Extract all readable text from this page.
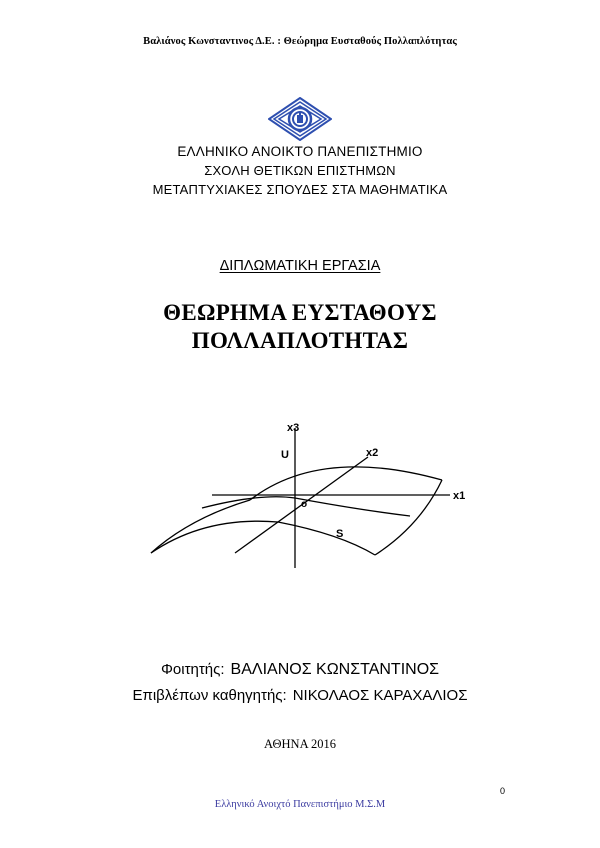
Βαλιάνος Κωνσταντινος Δ.Ε. : Θεώρημα Ευσταθούς Πολλαπλότητας
ΕΛΛΗΝΙΚΟ ΑΝΟΙΚΤΟ ΠΑΝΕΠΙΣΤΗΜΙΟ
ΣΧΟΛΗ ΘΕΤΙΚΩΝ ΕΠΙΣΤΗΜΩΝ
ΜΕΤΑΠΤΥΧΙΑΚΕΣ ΣΠΟΥΔΕΣ ΣΤΑ ΜΑΘΗΜΑΤΙΚΑ
ΔΙΠΛΩΜΑΤΙΚΗ ΕΡΓΑΣΙΑ
ΘΕΩΡΗΜΑ ΕΥΣΤΑΘΟΥΣ
ΠΟΛΛΑΠΛΟΤΗΤΑΣ
x3
x2
x1
U
o
S
Φοιτητής: ΒΑΛΙΑΝΟΣ ΚΩΝΣΤΑΝΤΙΝΟΣ
Επιβλέπων καθηγητής: ΝΙΚΟΛΑΟΣ ΚΑΡΑΧΑΛΙΟΣ
ΑΘΗΝΑ 2016
0
Ελληνικό Ανοιχτό Πανεπιστήμιο Μ.Σ.Μ
